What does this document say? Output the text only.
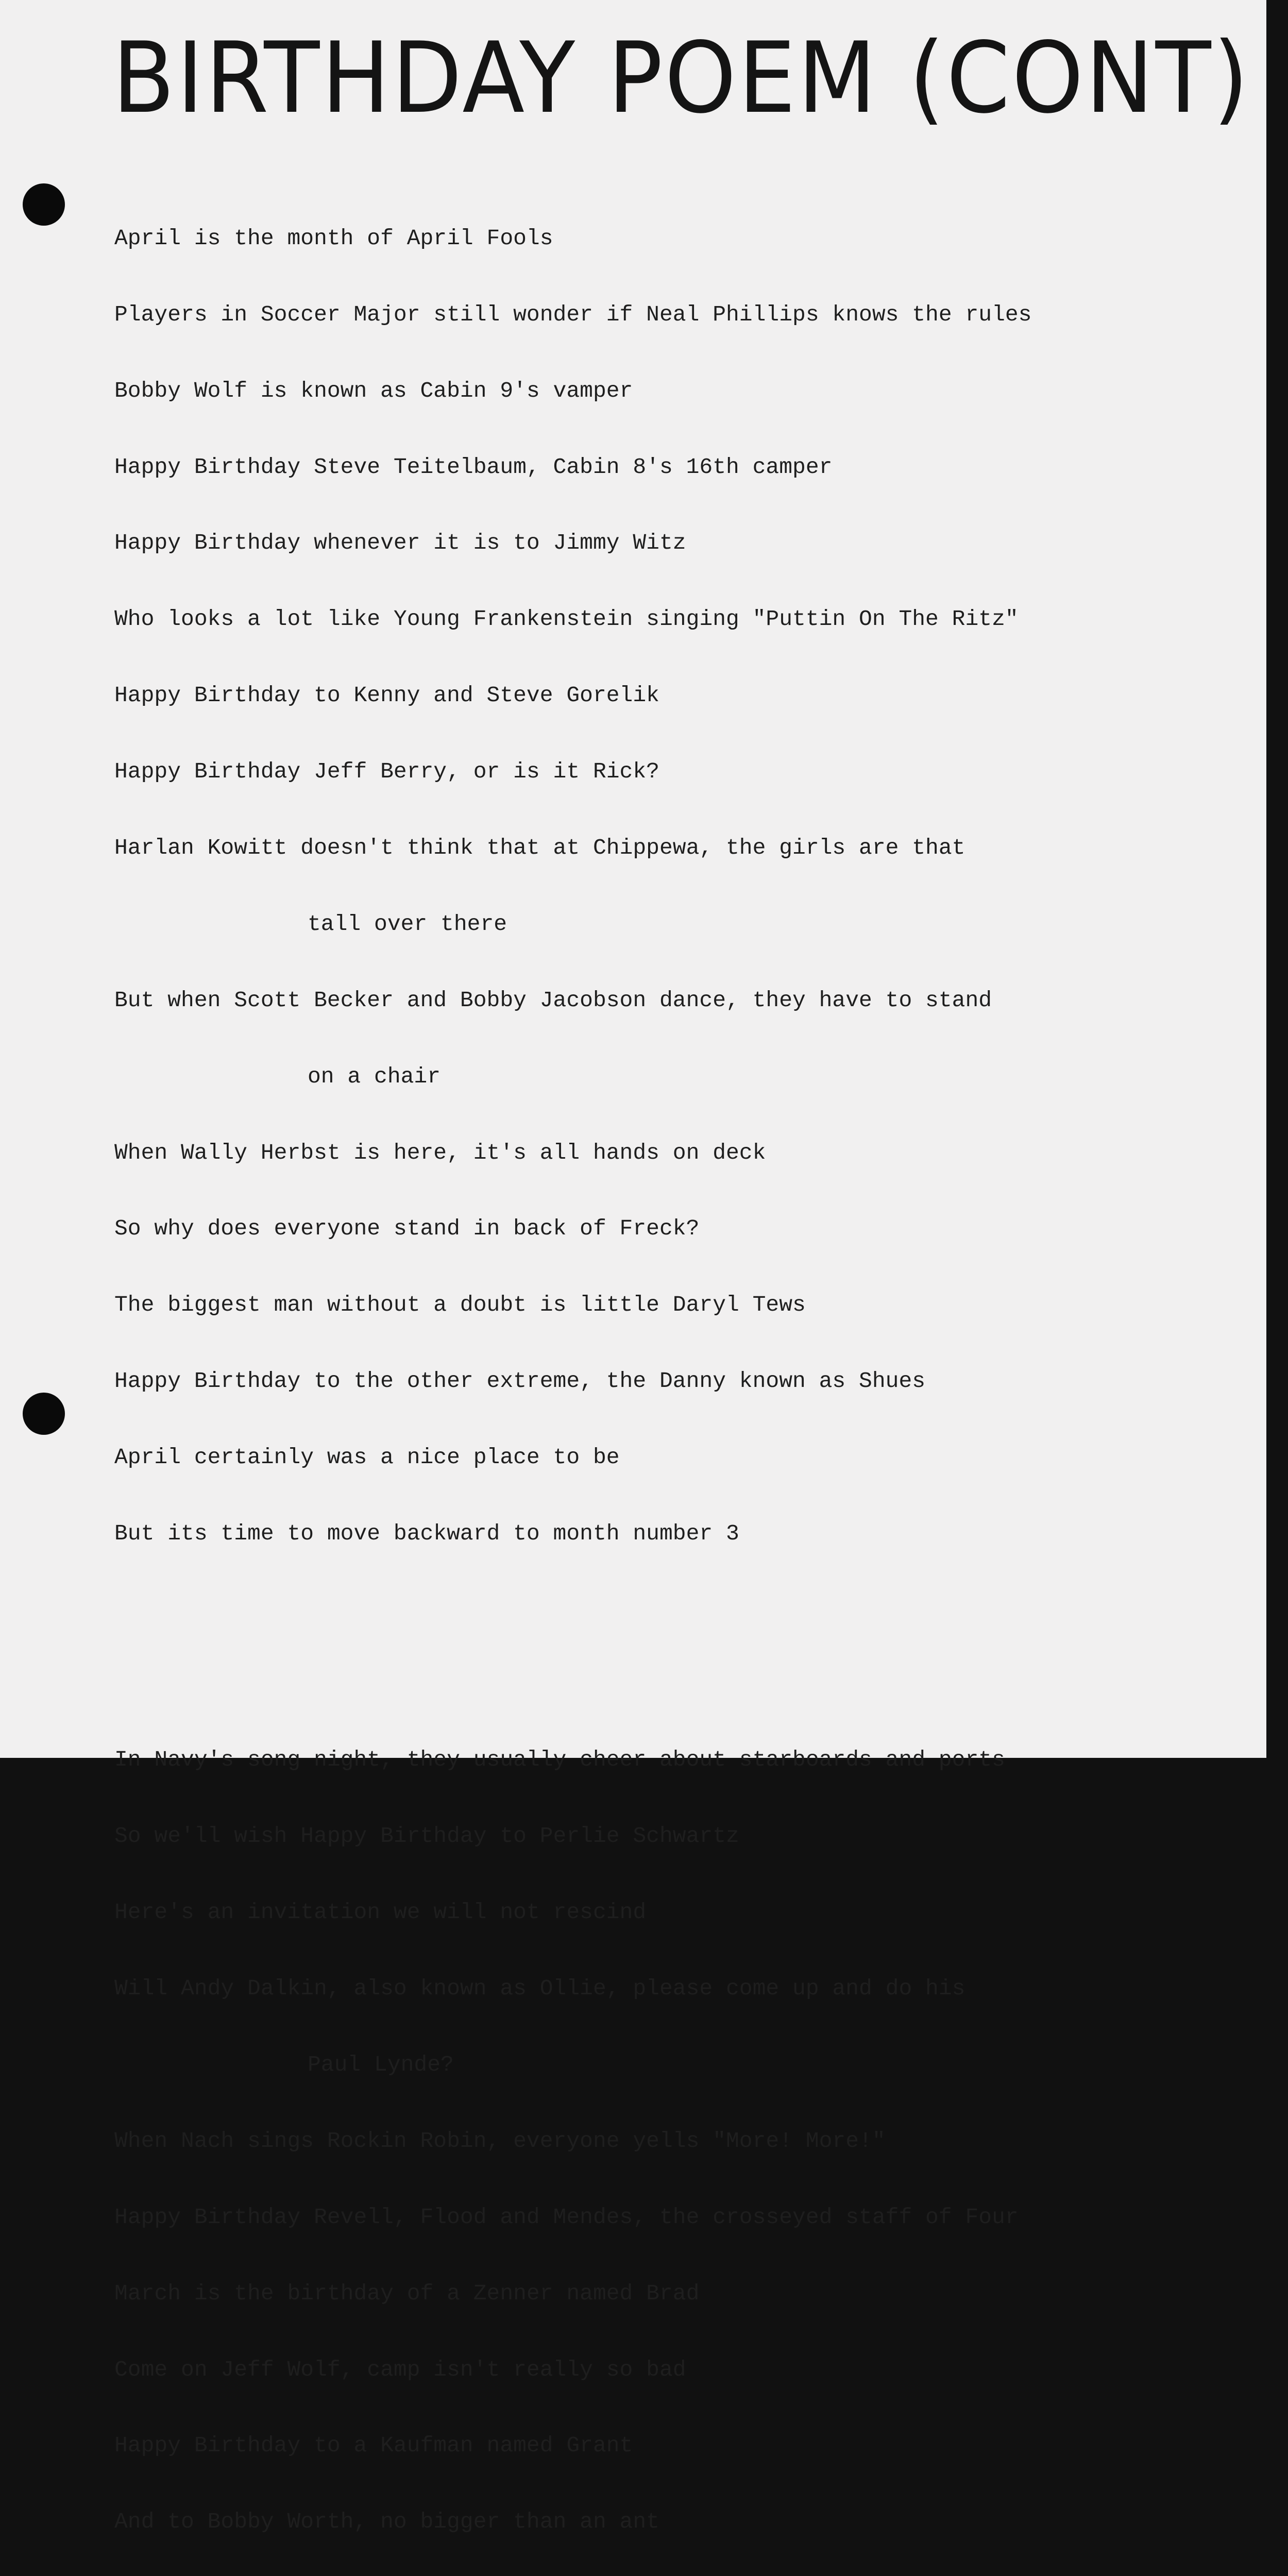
BIRTHDAY POEM (CONT)

April is the month of April Fools

Players in Soccer Major still wonder if Neal Phillips knows the rules

Bobby Wolf is known as Cabin 9's vamper

Happy Birthday Steve Teitelbaum, Cabin 8's 16th camper

Happy Birthday whenever it is to Jimmy Witz

Who looks a lot like Young Frankenstein singing "Puttin On The Ritz"

Happy Birthday to Kenny and Steve Gorelik

Happy Birthday Jeff Berry, or is it Rick?

Harlan Kowitt doesn't think that at Chippewa, the girls are that

tall over there

But when Scott Becker and Bobby Jacobson dance, they have to stand

on a chair

When Wally Herbst is here, it's all hands on deck

So why does everyone stand in back of Freck?

The biggest man without a doubt is little Daryl Tews

Happy Birthday to the other extreme, the Danny known as Shues

April certainly was a nice place to be

But its time to move backward to month number 3

In Navy's song night, they usually cheer about starboards and ports

So we'll wish Happy Birthday to Perlie Schwartz

Here's an invitation we will not rescind

Will Andy Dalkin, also known as Ollie, please come up and do his

Paul Lynde?

When Nach sings Rockin Robin, everyone yells "More! More!"

Happy Birthday Revell, Flood and Mendes, the crosseyed staff of Four

March is the birthday of a Zenner named Brad

Come on Jeff Wolf, camp isn't really so bad

Happy Birthday to a Kaufman named Grant

And to Bobby Worth, no bigger than an ant
